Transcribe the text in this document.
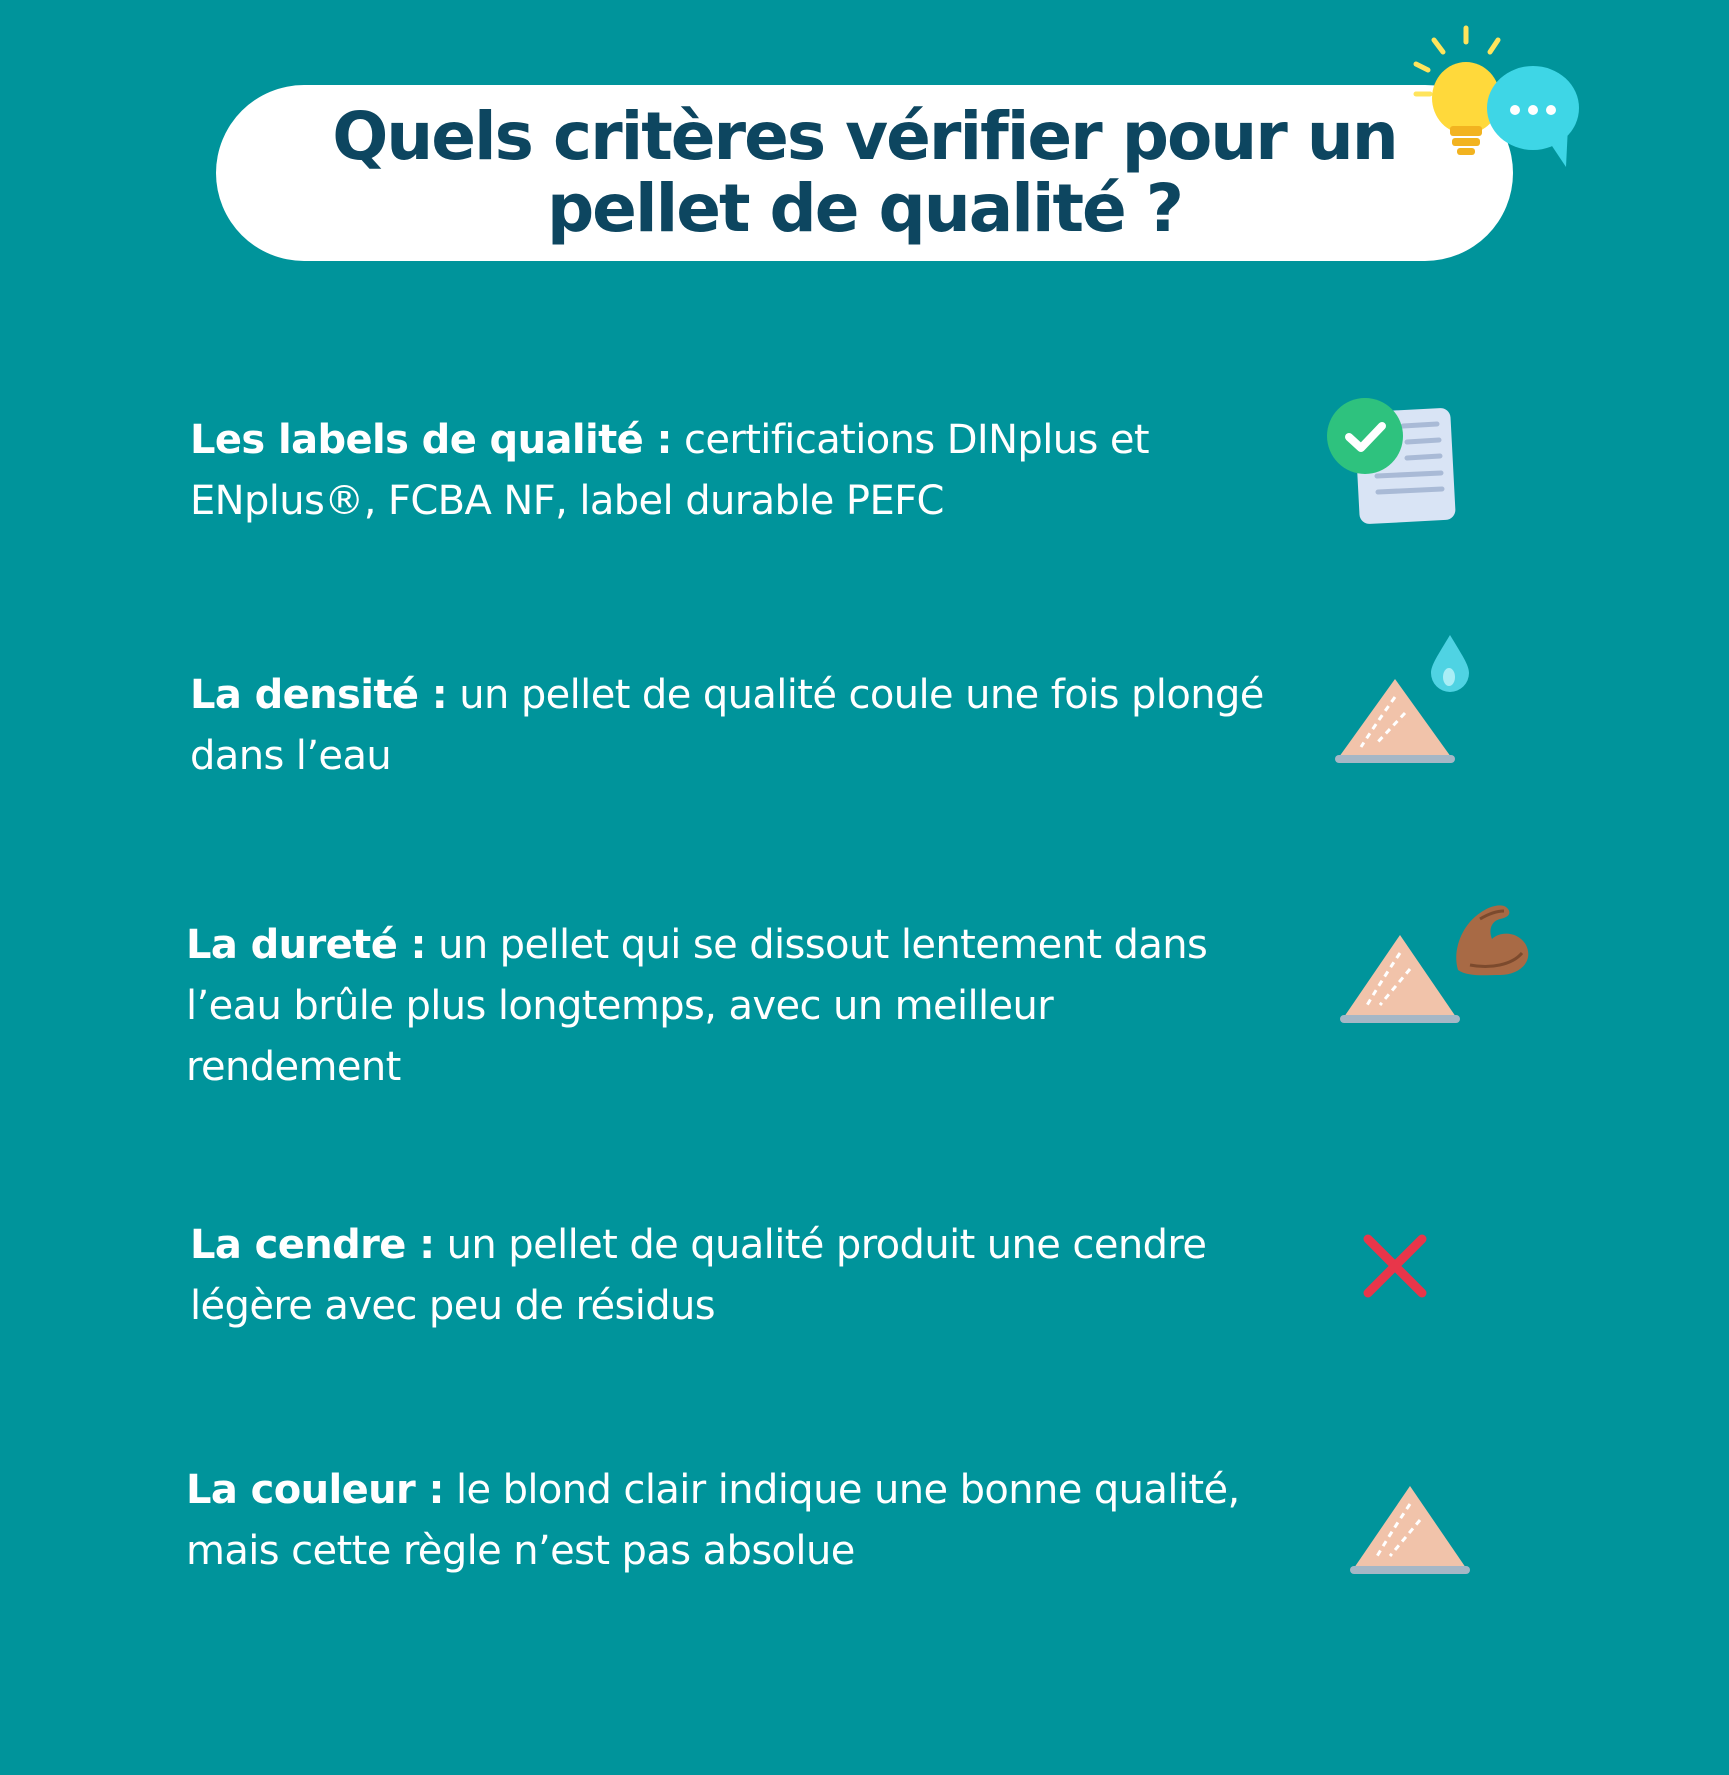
Quels critères vérifier pour un
pellet de qualité ?
Les labels de qualité : certifications DINplus et ENplus®, FCBA NF, label durable PEFC
La densité : un pellet de qualité coule une fois plongé dans l’eau
La dureté : un pellet qui se dissout lentement dans l’eau brûle plus longtemps, avec un meilleur rendement
La cendre : un pellet de qualité produit une cendre légère avec peu de résidus
La couleur : le blond clair indique une bonne qualité, mais cette règle n’est pas absolue
